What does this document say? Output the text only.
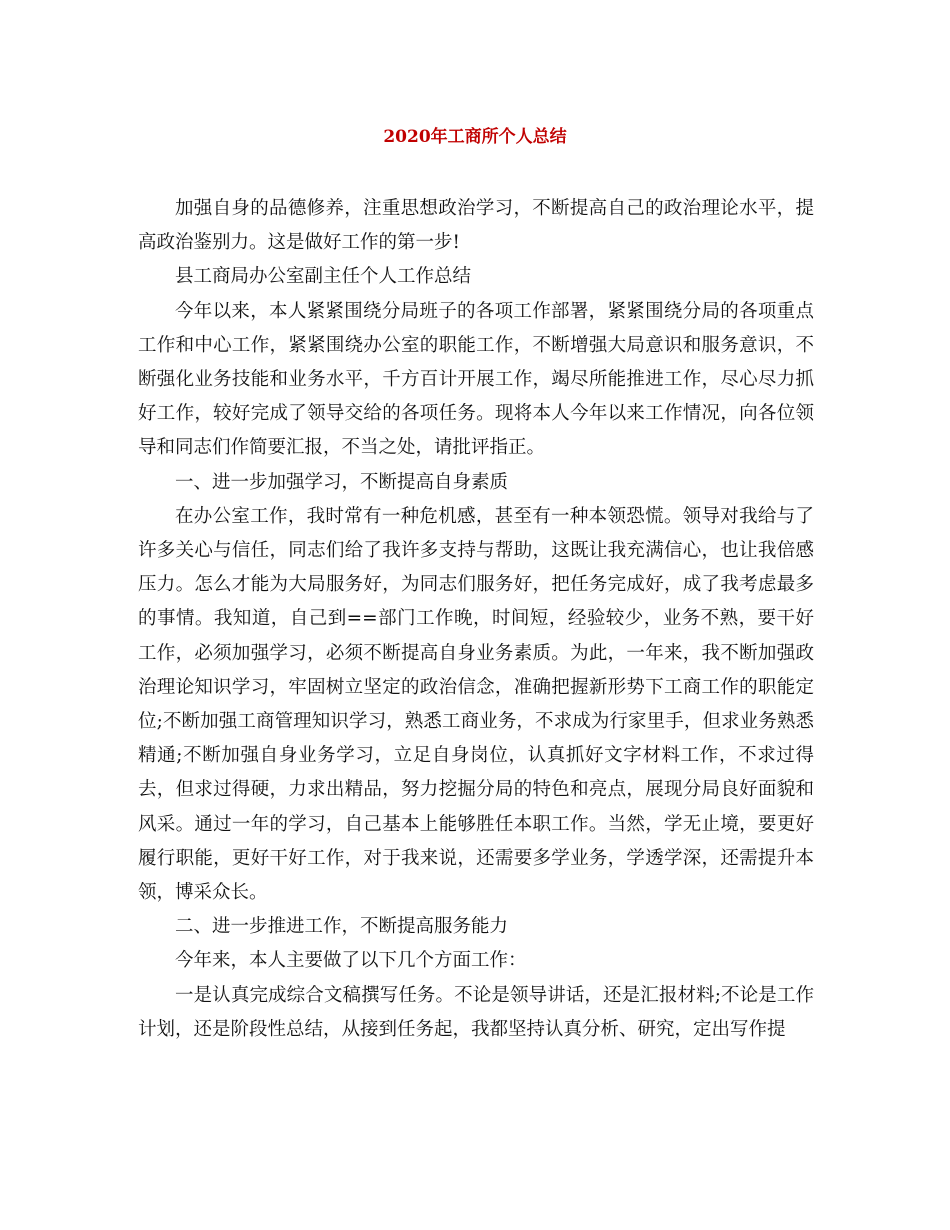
2020年工商所个人总结

加强自身的品德修养，注重思想政治学习，不断提高自己的政治理论水平，提高政治鉴别力。这是做好工作的第一步!

县工商局办公室副主任个人工作总结

今年以来，本人紧紧围绕分局班子的各项工作部署，紧紧围绕分局的各项重点工作和中心工作，紧紧围绕办公室的职能工作，不断增强大局意识和服务意识，不断强化业务技能和业务水平，千方百计开展工作，竭尽所能推进工作，尽心尽力抓好工作，较好完成了领导交给的各项任务。现将本人今年以来工作情况，向各位领导和同志们作简要汇报，不当之处，请批评指正。

一、进一步加强学习，不断提高自身素质

在办公室工作，我时常有一种危机感，甚至有一种本领恐慌。领导对我给与了许多关心与信任，同志们给了我许多支持与帮助，这既让我充满信心，也让我倍感压力。怎么才能为大局服务好，为同志们服务好，把任务完成好，成了我考虑最多的事情。我知道，自己到==部门工作晚，时间短，经验较少，业务不熟，要干好工作，必须加强学习，必须不断提高自身业务素质。为此，一年来，我不断加强政治理论知识学习，牢固树立坚定的政治信念，准确把握新形势下工商工作的职能定位;不断加强工商管理知识学习，熟悉工商业务，不求成为行家里手，但求业务熟悉精通;不断加强自身业务学习，立足自身岗位，认真抓好文字材料工作，不求过得去，但求过得硬，力求出精品，努力挖掘分局的特色和亮点，展现分局良好面貌和风采。通过一年的学习，自己基本上能够胜任本职工作。当然，学无止境，要更好履行职能，更好干好工作，对于我来说，还需要多学业务，学透学深，还需提升本领，博采众长。

二、进一步推进工作，不断提高服务能力

今年来，本人主要做了以下几个方面工作：

一是认真完成综合文稿撰写任务。不论是领导讲话，还是汇报材料;不论是工作计划，还是阶段性总结，从接到任务起，我都坚持认真分析、研究，定出写作提
